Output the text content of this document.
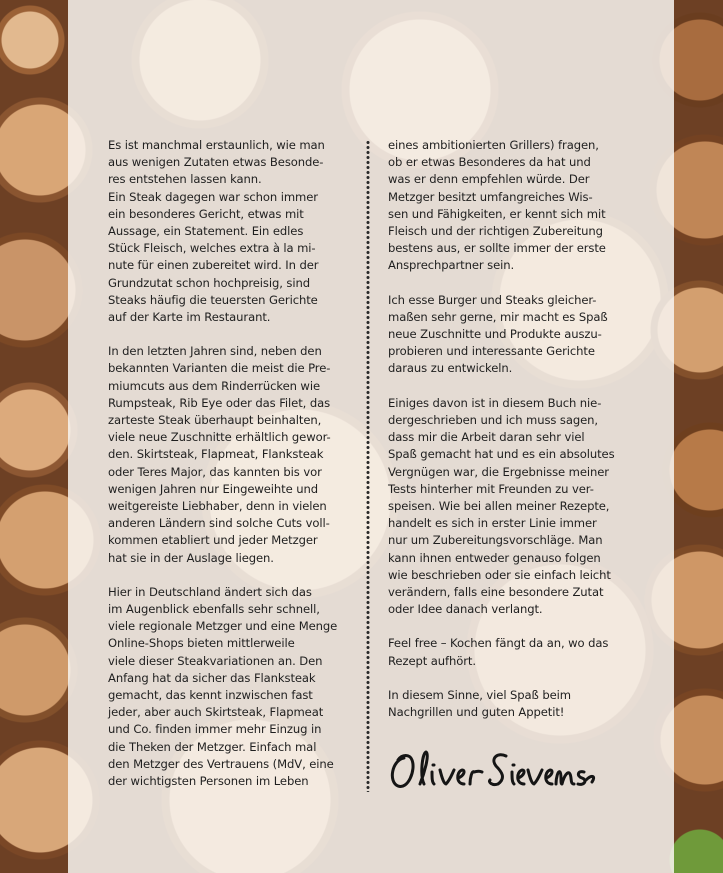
Es ist manchmal erstaunlich, wie man
aus wenigen Zutaten etwas Besonde-
res entstehen lassen kann.
Ein Steak dagegen war schon immer
ein besonderes Gericht, etwas mit
Aussage, ein Statement. Ein edles
Stück Fleisch, welches extra à la mi-
nute für einen zubereitet wird. In der
Grundzutat schon hochpreisig, sind
Steaks häufig die teuersten Gerichte
auf der Karte im Restaurant.
In den letzten Jahren sind, neben den
bekannten Varianten die meist die Pre-
miumcuts aus dem Rinderrücken wie
Rumpsteak, Rib Eye oder das Filet, das
zarteste Steak überhaupt beinhalten,
viele neue Zuschnitte erhältlich gewor-
den. Skirtsteak, Flapmeat, Flanksteak
oder Teres Major, das kannten bis vor
wenigen Jahren nur Eingeweihte und
weitgereiste Liebhaber, denn in vielen
anderen Ländern sind solche Cuts voll-
kommen etabliert und jeder Metzger
hat sie in der Auslage liegen.
Hier in Deutschland ändert sich das
im Augenblick ebenfalls sehr schnell,
viele regionale Metzger und eine Menge
Online-Shops bieten mittlerweile
viele dieser Steakvariationen an. Den
Anfang hat da sicher das Flanksteak
gemacht, das kennt inzwischen fast
jeder, aber auch Skirtsteak, Flapmeat
und Co. finden immer mehr Einzug in
die Theken der Metzger. Einfach mal
den Metzger des Vertrauens (MdV, eine
der wichtigsten Personen im Leben
eines ambitionierten Grillers) fragen,
ob er etwas Besonderes da hat und
was er denn empfehlen würde. Der
Metzger besitzt umfangreiches Wis-
sen und Fähigkeiten, er kennt sich mit
Fleisch und der richtigen Zubereitung
bestens aus, er sollte immer der erste
Ansprechpartner sein.
Ich esse Burger und Steaks gleicher-
maßen sehr gerne, mir macht es Spaß
neue Zuschnitte und Produkte auszu-
probieren und interessante Gerichte
daraus zu entwickeln.
Einiges davon ist in diesem Buch nie-
dergeschrieben und ich muss sagen,
dass mir die Arbeit daran sehr viel
Spaß gemacht hat und es ein absolutes
Vergnügen war, die Ergebnisse meiner
Tests hinterher mit Freunden zu ver-
speisen. Wie bei allen meiner Rezepte,
handelt es sich in erster Linie immer
nur um Zubereitungsvorschläge. Man
kann ihnen entweder genauso folgen
wie beschrieben oder sie einfach leicht
verändern, falls eine besondere Zutat
oder Idee danach verlangt.
Feel free – Kochen fängt da an, wo das
Rezept aufhört.
In diesem Sinne, viel Spaß beim
Nachgrillen und guten Appetit!
